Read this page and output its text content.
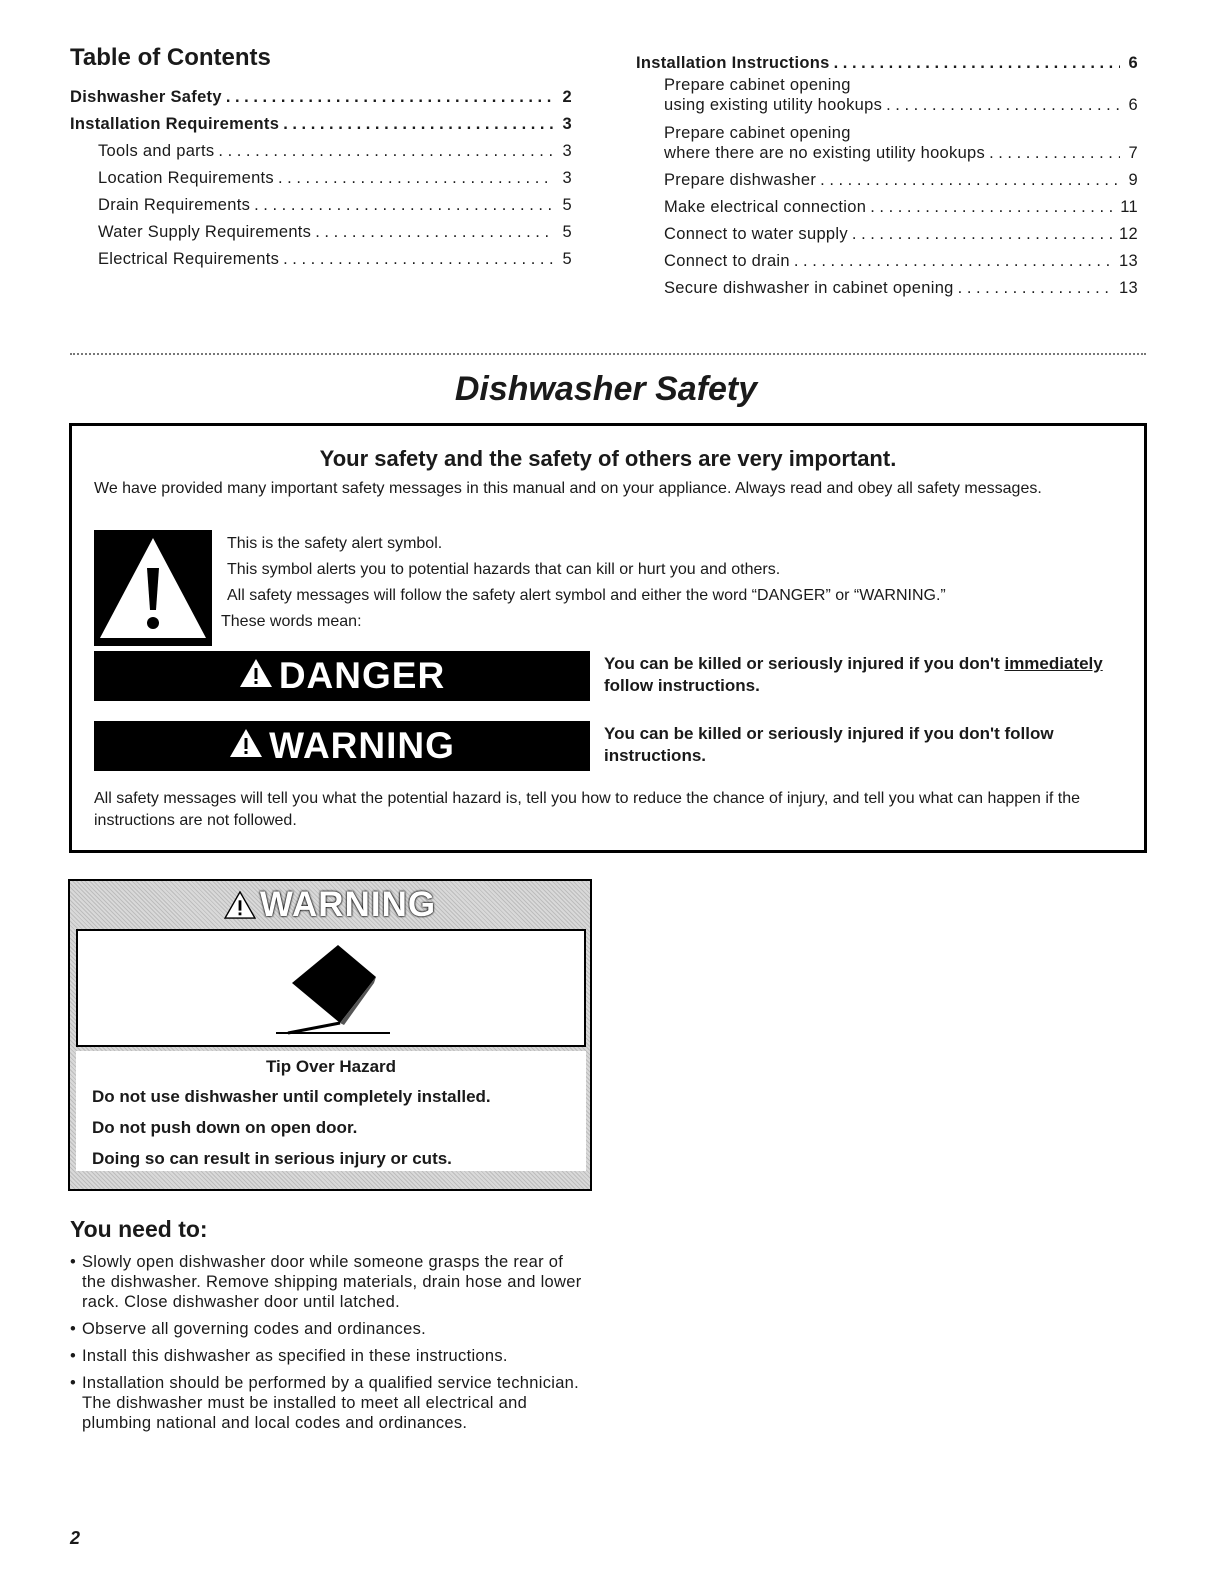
Table of Contents
Dishwasher Safety . . .	2
Installation Requirements . . .	3
Tools and parts . . .	3
Location Requirements . . .	3
Drain Requirements . . .	5
Water Supply Requirements . . .	5
Electrical Requirements . . .	5
Installation Instructions . . .	6
Prepare cabinet opening
using existing utility hookups . . .	6
Prepare cabinet opening
where there are no existing utility hookups . . .	7
Prepare dishwasher . . .	9
Make electrical connection . . .	11
Connect to water supply . . .	12
Connect to drain . . .	13
Secure dishwasher in cabinet opening . . .	13
Dishwasher Safety
Your safety and the safety of others are very important.
We have provided many important safety messages in this manual and on your appliance. Always read and obey all safety messages.
This is the safety alert symbol.
This symbol alerts you to potential hazards that can kill or hurt you and others.
All safety messages will follow the safety alert symbol and either the word “DANGER” or “WARNING.”
These words mean:
DANGER	You can be killed or seriously injured if you don't immediately
follow instructions.
WARNING	You can be killed or seriously injured if you don't follow instructions.
All safety messages will tell you what the potential hazard is, tell you how to reduce the chance of injury, and tell you what can happen if the instructions are not followed.
WARNING
Tip Over Hazard
Do not use dishwasher until completely installed.
Do not push down on open door.
Doing so can result in serious injury or cuts.
You need to:
• Slowly open dishwasher door while someone grasps the rear of the dishwasher. Remove shipping materials, drain hose and lower rack. Close dishwasher door until latched.
• Observe all governing codes and ordinances.
• Install this dishwasher as specified in these instructions.
• Installation should be performed by a qualified service technician. The dishwasher must be installed to meet all electrical and plumbing national and local codes and ordinances.
2
